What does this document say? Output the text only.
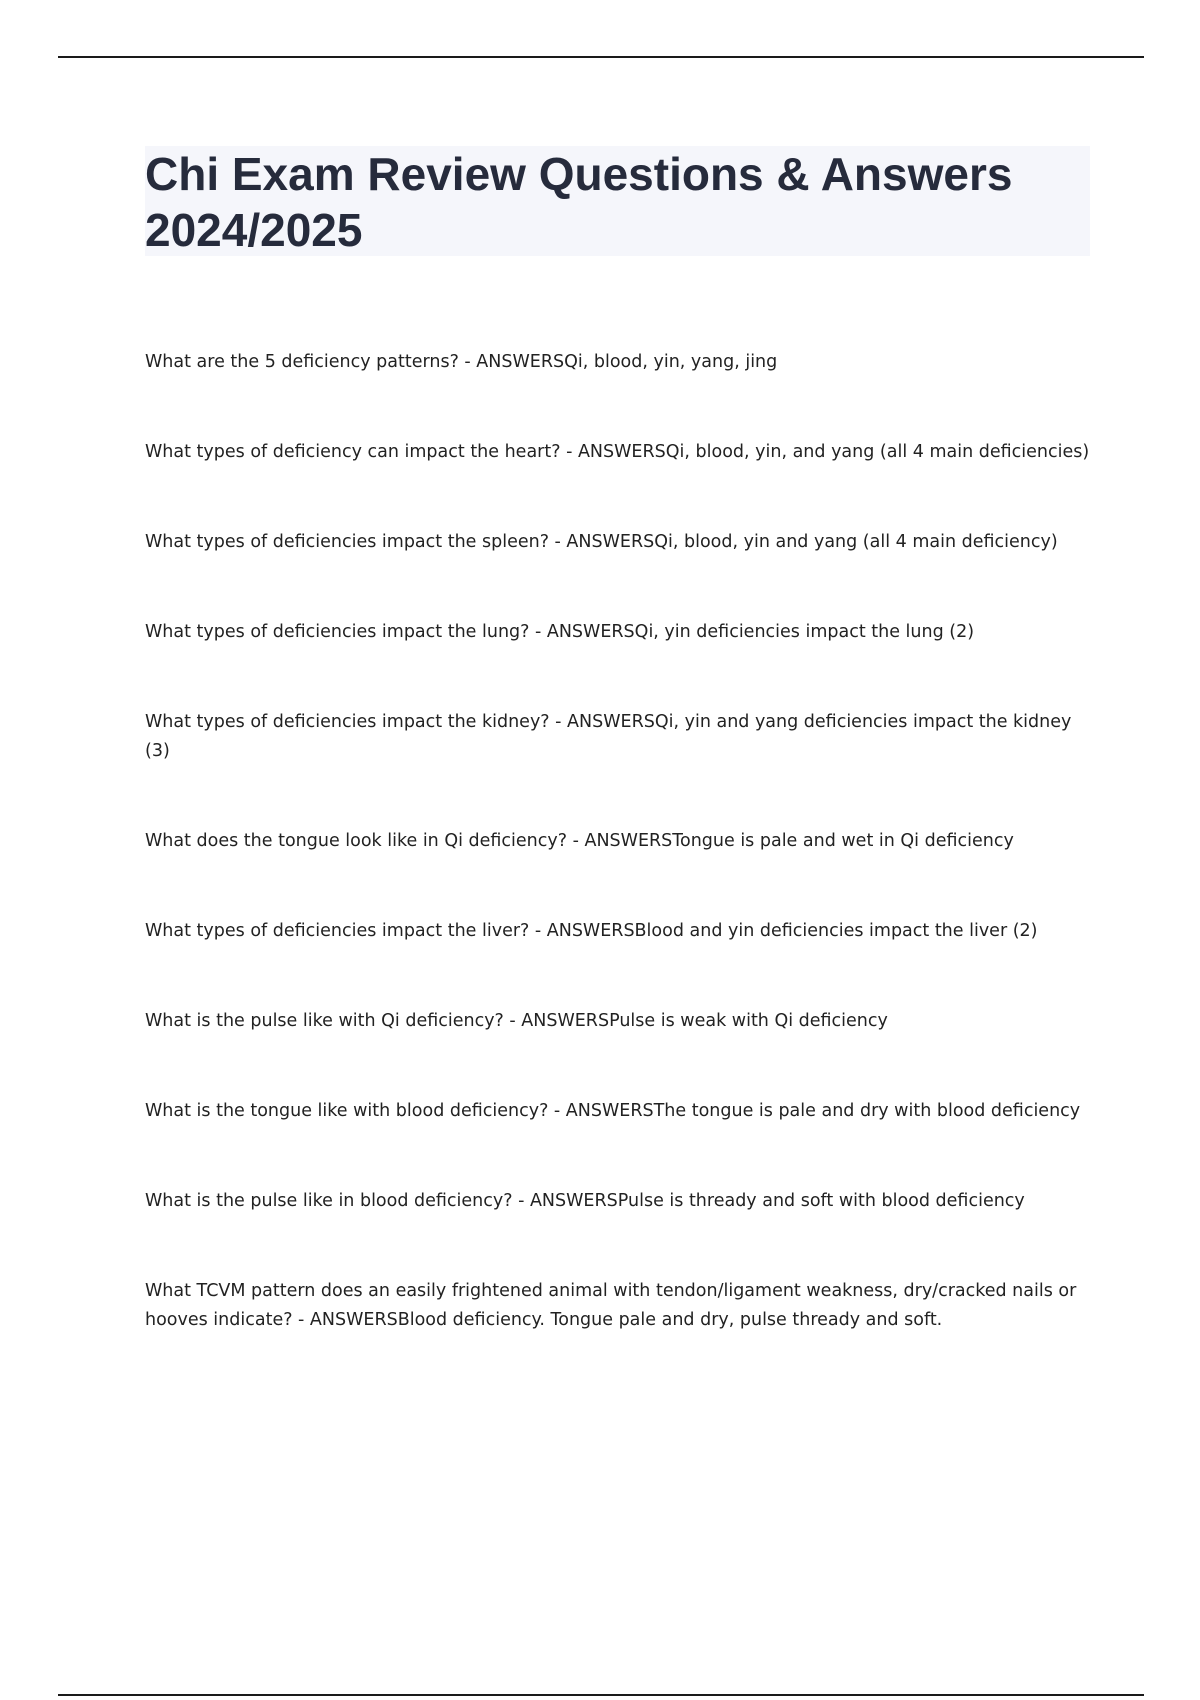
Chi Exam Review Questions & Answers 2024/2025

What are the 5 deficiency patterns? - ANSWERSQi, blood, yin, yang, jing

What types of deficiency can impact the heart? - ANSWERSQi, blood, yin, and yang (all 4 main deficiencies)

What types of deficiencies impact the spleen? - ANSWERSQi, blood, yin and yang (all 4 main deficiency)

What types of deficiencies impact the lung? - ANSWERSQi, yin deficiencies impact the lung (2)

What types of deficiencies impact the kidney? - ANSWERSQi, yin and yang deficiencies impact the kidney (3)

What does the tongue look like in Qi deficiency? - ANSWERSTongue is pale and wet in Qi deficiency

What types of deficiencies impact the liver? - ANSWERSBlood and yin deficiencies impact the liver (2)

What is the pulse like with Qi deficiency? - ANSWERSPulse is weak with Qi deficiency

What is the tongue like with blood deficiency? - ANSWERSThe tongue is pale and dry with blood deficiency

What is the pulse like in blood deficiency? - ANSWERSPulse is thready and soft with blood deficiency

What TCVM pattern does an easily frightened animal with tendon/ligament weakness, dry/cracked nails or hooves indicate? - ANSWERSBlood deficiency. Tongue pale and dry, pulse thready and soft.
